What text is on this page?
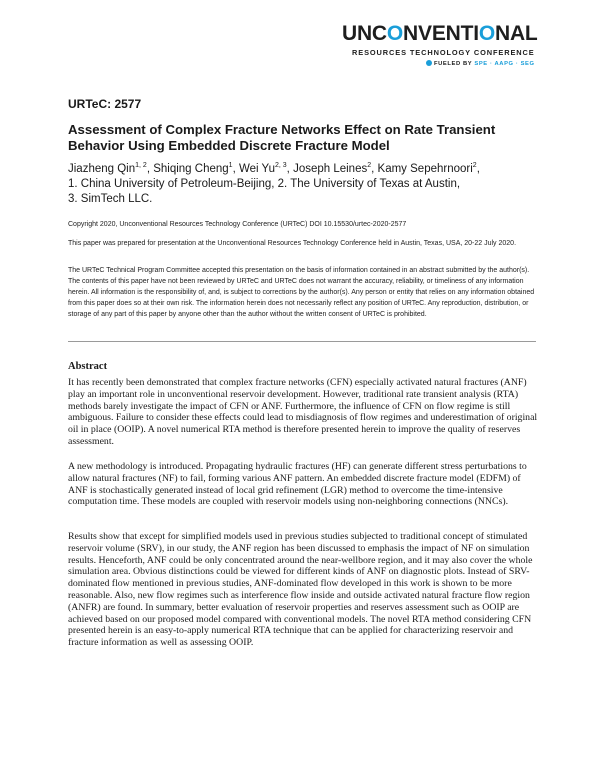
UNCONVENTIONAL
RESOURCES TECHNOLOGY CONFERENCE
FUELED BY SPE · AAPG · SEG
URTeC: 2577
Assessment of Complex Fracture Networks Effect on Rate Transient
Behavior Using Embedded Discrete Fracture Model
Jiazheng Qin$^{1, 2}$, Shiqing Cheng$^1$, Wei Yu$^{2, 3}$, Joseph Leines$^2$, Kamy Sepehrnoori$^2$,
1. China University of Petroleum-Beijing, 2. The University of Texas at Austin,
3. SimTech LLC.
Copyright 2020, Unconventional Resources Technology Conference (URTeC) DOI 10.15530/urtec-2020-2577
This paper was prepared for presentation at the Unconventional Resources Technology Conference held in Austin, Texas, USA, 20-22 July 2020.
The URTeC Technical Program Committee accepted this presentation on the basis of information contained in an abstract submitted by the author(s). The contents of this paper have not been reviewed by URTeC and URTeC does not warrant the accuracy, reliability, or timeliness of any information herein. All information is the responsibility of, and, is subject to corrections by the author(s). Any person or entity that relies on any information obtained from this paper does so at their own risk. The information herein does not necessarily reflect any position of URTeC. Any reproduction, distribution, or storage of any part of this paper by anyone other than the author without the written consent of URTeC is prohibited.
Abstract
It has recently been demonstrated that complex fracture networks (CFN) especially activated natural fractures (ANF) play an important role in unconventional reservoir development. However, traditional rate transient analysis (RTA) methods barely investigate the impact of CFN or ANF. Furthermore, the influence of CFN on flow regime is still ambiguous. Failure to consider these effects could lead to misdiagnosis of flow regimes and underestimation of original oil in place (OOIP). A novel numerical RTA method is therefore presented herein to improve the quality of reserves assessment.
A new methodology is introduced. Propagating hydraulic fractures (HF) can generate different stress perturbations to allow natural fractures (NF) to fail, forming various ANF pattern. An embedded discrete fracture model (EDFM) of ANF is stochastically generated instead of local grid refinement (LGR) method to overcome the time-intensive computation time. These models are coupled with reservoir models using non-neighboring connections (NNCs).
Results show that except for simplified models used in previous studies subjected to traditional concept of stimulated reservoir volume (SRV), in our study, the ANF region has been discussed to emphasis the impact of NF on simulation results. Henceforth, ANF could be only concentrated around the near-wellbore region, and it may also cover the whole simulation area. Obvious distinctions could be viewed for different kinds of ANF on diagnostic plots. Instead of SRV-dominated flow mentioned in previous studies, ANF-dominated flow developed in this work is shown to be more reasonable. Also, new flow regimes such as interference flow inside and outside activated natural fracture flow region (ANFR) are found. In summary, better evaluation of reservoir properties and reserves assessment such as OOIP are achieved based on our proposed model compared with conventional models. The novel RTA method considering CFN presented herein is an easy-to-apply numerical RTA technique that can be applied for characterizing reservoir and fracture information as well as assessing OOIP.
